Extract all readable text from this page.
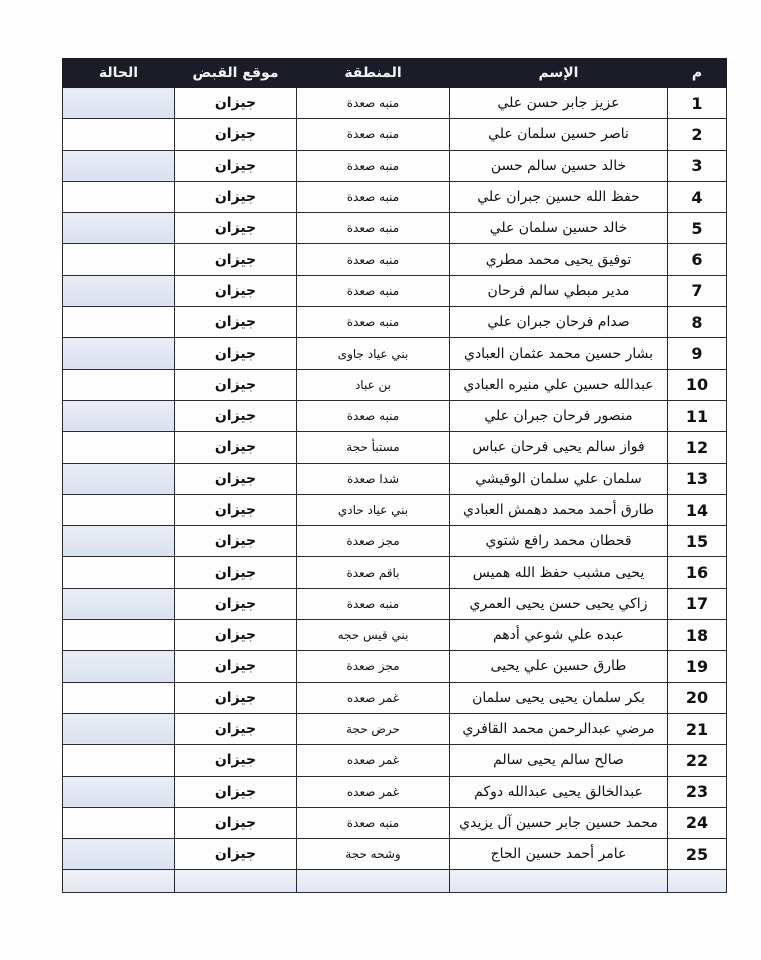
م	الإسم	المنطقة	موقع القبض	الحالة
1	عزيز جابر حسن علي	منبه صعدة	جيزان	
2	ناصر حسين سلمان علي	منبه صعدة	جيزان	
3	خالد حسين سالم حسن	منبه صعدة	جيزان	
4	حفظ الله حسين جبران علي	منبه صعدة	جيزان	
5	خالد حسين سلمان علي	منبه صعدة	جيزان	
6	توفيق يحيى محمد مطري	منبه صعدة	جيزان	
7	مدير مبطي سالم فرحان	منبه صعدة	جيزان	
8	صدام فرحان جبران علي	منبه صعدة	جيزان	
9	بشار حسين محمد عثمان العبادي	بني عياد جاوى	جيزان	
10	عبدالله حسين علي منيره العبادي	بن عباد	جيزان	
11	منصور فرحان جبران علي	منبه صعدة	جيزان	
12	فواز سالم يحيى فرحان عباس	مستبأ حجة	جيزان	
13	سلمان علي سلمان الوقيشي	شدا صعدة	جيزان	
14	طارق أحمد محمد دهمش العبادي	بني عياد حادي	جيزان	
15	قحطان محمد رافع شتوي	مجز صعدة	جيزان	
16	يحيى مشبب حفظ الله هميس	باقم صعدة	جيزان	
17	زاكي يحيى حسن يحيى العمري	منبه صعدة	جيزان	
18	عبده علي شوعي أدهم	بني قيس حجه	جيزان	
19	طارق حسين علي يحيى	مجز صعدة	جيزان	
20	بكر سلمان يحيى يحيى سلمان	غمر صعده	جيزان	
21	مرضي عبدالرحمن محمد القافري	حرض حجة	جيزان	
22	صالح سالم يحيى سالم	غمر صعده	جيزان	
23	عبدالخالق يحيى عبدالله دوكم	غمر صعده	جيزان	
24	محمد حسين جابر حسين آل يزيدي	منبه صعدة	جيزان	
25	عامر أحمد حسين الحاج	وشحه حجة	جيزان	
